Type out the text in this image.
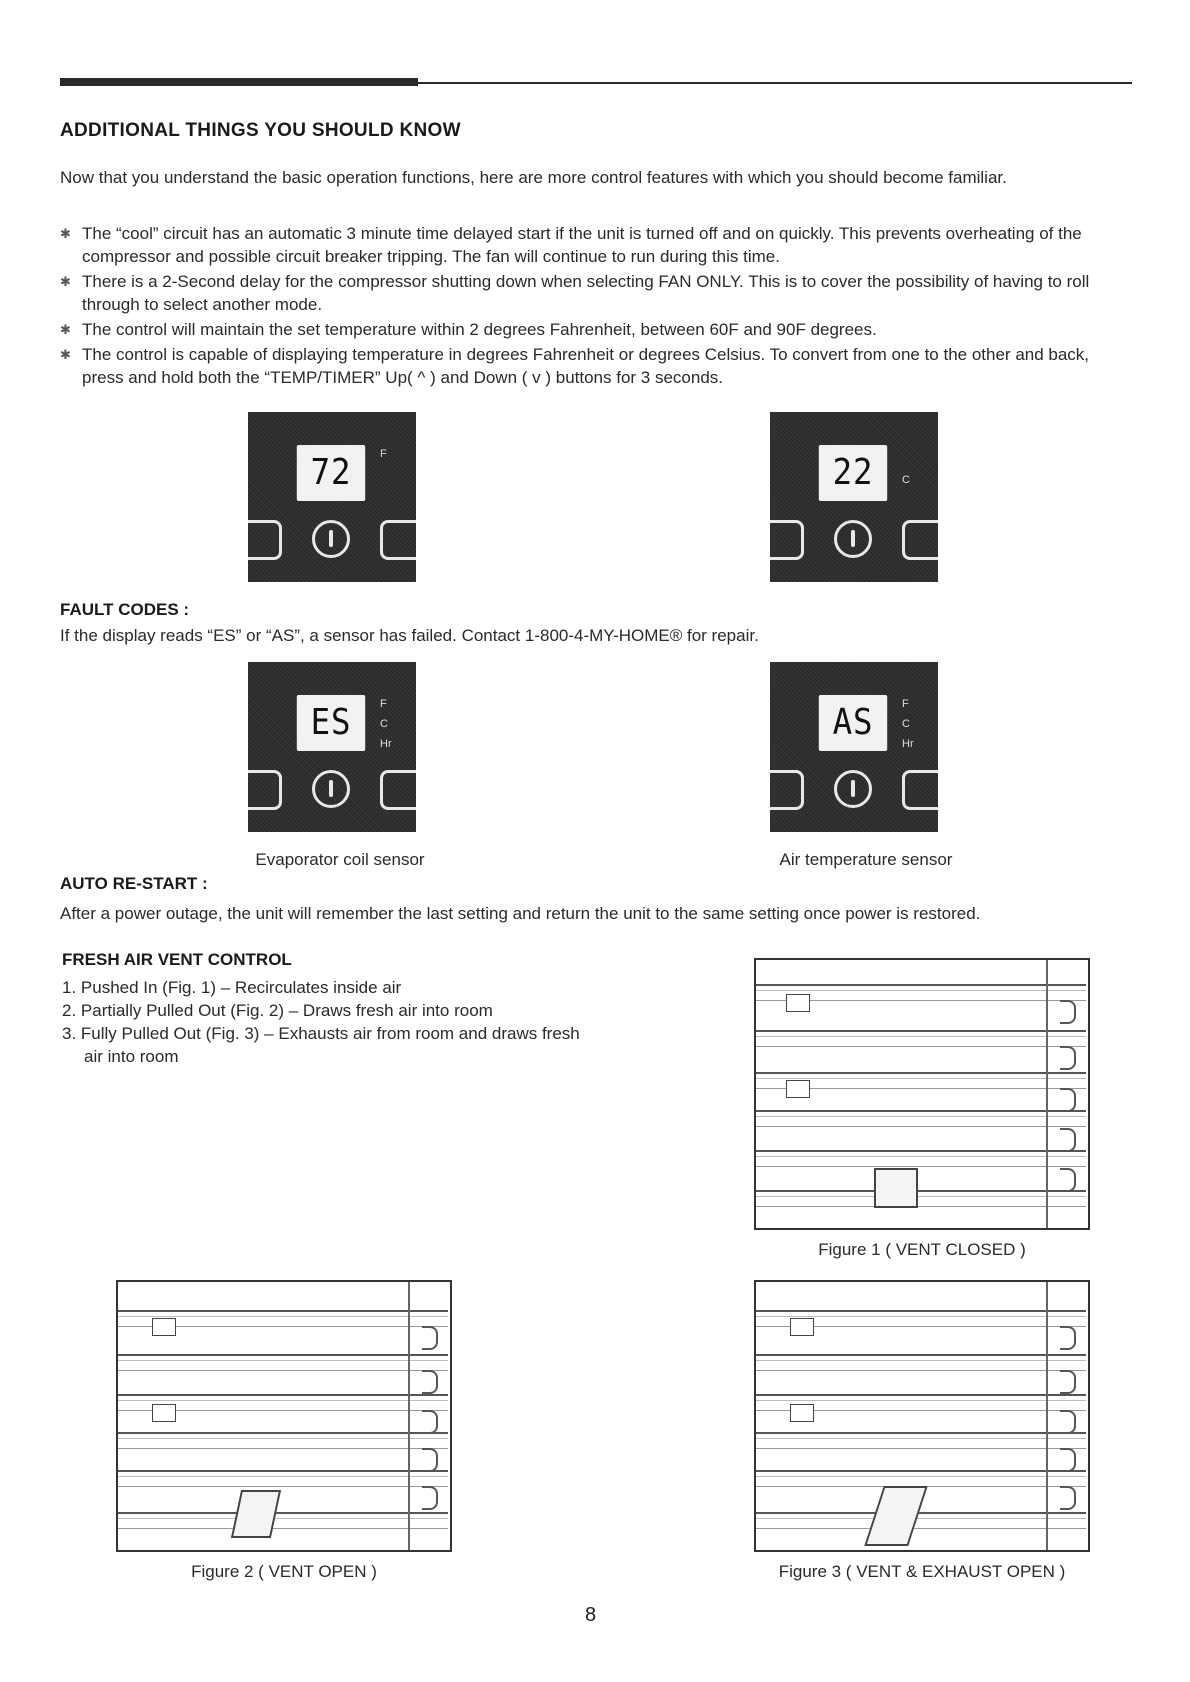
ADDITIONAL THINGS YOU SHOULD KNOW
Now that you understand the basic operation functions, here are more control features with which you should become familiar.
✱ The “cool” circuit has an automatic 3 minute time delayed start if the unit is turned off and on quickly. This prevents overheating of the compressor and possible circuit breaker tripping. The fan will continue to run during this time.
✱ There is a 2-Second delay for the compressor shutting down when selecting FAN ONLY. This is to cover the possibility of having to roll through to select another mode.
✱ The control will maintain the set temperature within 2 degrees Fahrenheit, between 60F and 90F degrees.
✱ The control is capable of displaying temperature in degrees Fahrenheit or degrees Celsius. To convert from one to the other and back, press and hold both the “TEMP/TIMER” Up( ^ ) and Down ( v ) buttons for 3 seconds.
72	F	22	C
FAULT CODES :
If the display reads “ES” or “AS”, a sensor has failed. Contact 1-800-4-MY-HOME® for repair.
ES	F
C
Hr
AS	F
C
Hr
Evaporator coil sensor	Air temperature sensor
AUTO RE-START :
After a power outage, the unit will remember the last setting and return the unit to the same setting once power is restored.
FRESH AIR VENT CONTROL
1. Pushed In (Fig. 1) – Recirculates inside air
2. Partially Pulled Out (Fig. 2) – Draws fresh air into room
3. Fully Pulled Out (Fig. 3) – Exhausts air from room and draws fresh
air into room
Figure 1 ( VENT CLOSED )
Figure 2 ( VENT OPEN )	Figure 3 ( VENT & EXHAUST OPEN )
8
